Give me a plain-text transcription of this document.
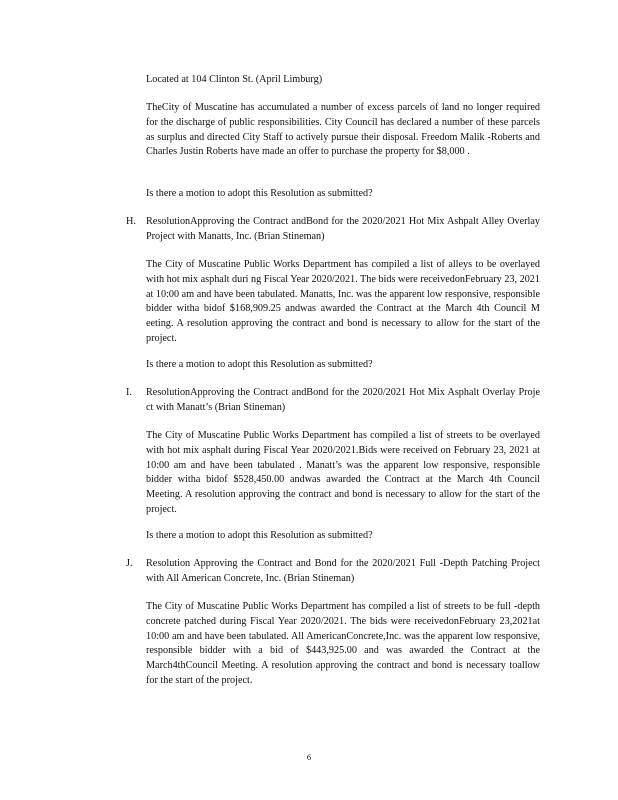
Located at 104 Clinton St. (April Limburg)

TheCity of Muscatine has accumulated a number of excess parcels of land no longer required for the discharge of public responsibilities. City Council has declared a number of these parcels as surplus and directed City Staff to actively pursue their disposal. Freedom Malik -Roberts and Charles Justin Roberts have made an offer to purchase the property for $8,000 .

Is there a motion to adopt this Resolution as submitted?
H. ResolutionApproving the Contract andBond for the 2020/2021 Hot Mix Ashpalt Alley Overlay Project with Manatts, Inc. (Brian Stineman)

The City of Muscatine Public Works Department has compiled a list of alleys to be overlayed with hot mix asphalt duri ng Fiscal Year 2020/2021. The bids were receivedonFebruary 23, 2021 at 10:00 am and have been tabulated. Manatts, Inc. was the apparent low responsive, responsible bidder witha bidof $168,909.25 andwas awarded the Contract at the March 4th Council M eeting. A resolution approving the contract and bond is necessary to allow for the start of the project.

Is there a motion to adopt this Resolution as submitted?
I.	ResolutionApproving the Contract andBond for the 2020/2021 Hot Mix Asphalt Overlay Proje ct with Manatt’s (Brian Stineman)

The City of Muscatine Public Works Department has compiled a list of streets to be overlayed with hot mix asphalt during Fiscal Year 2020/2021.Bids were received on February 23, 2021 at 10:00 am and have been tabulated . Manatt’s was the apparent low responsive, responsible bidder witha bidof $528,450.00 andwas awarded the Contract at the March 4th Council Meeting. A resolution approving the contract and bond is necessary to allow for the start of the project.

Is there a motion to adopt this Resolution as submitted?
J.	Resolution Approving the Contract and Bond for the 2020/2021 Full -Depth Patching Project with All American Concrete, Inc. (Brian Stineman)

The City of Muscatine Public Works Department has compiled a list of streets to be full -depth concrete patched during Fiscal Year 2020/2021. The bids were receivedonFebruary 23,2021at 10:00 am and have been tabulated. All AmericanConcrete,Inc. was the apparent low responsive, responsible bidder with a bid of $443,925.00 and was awarded the Contract at the March4thCouncil Meeting. A resolution approving the contract and bond is necessary toallow for the start of the project.

6
